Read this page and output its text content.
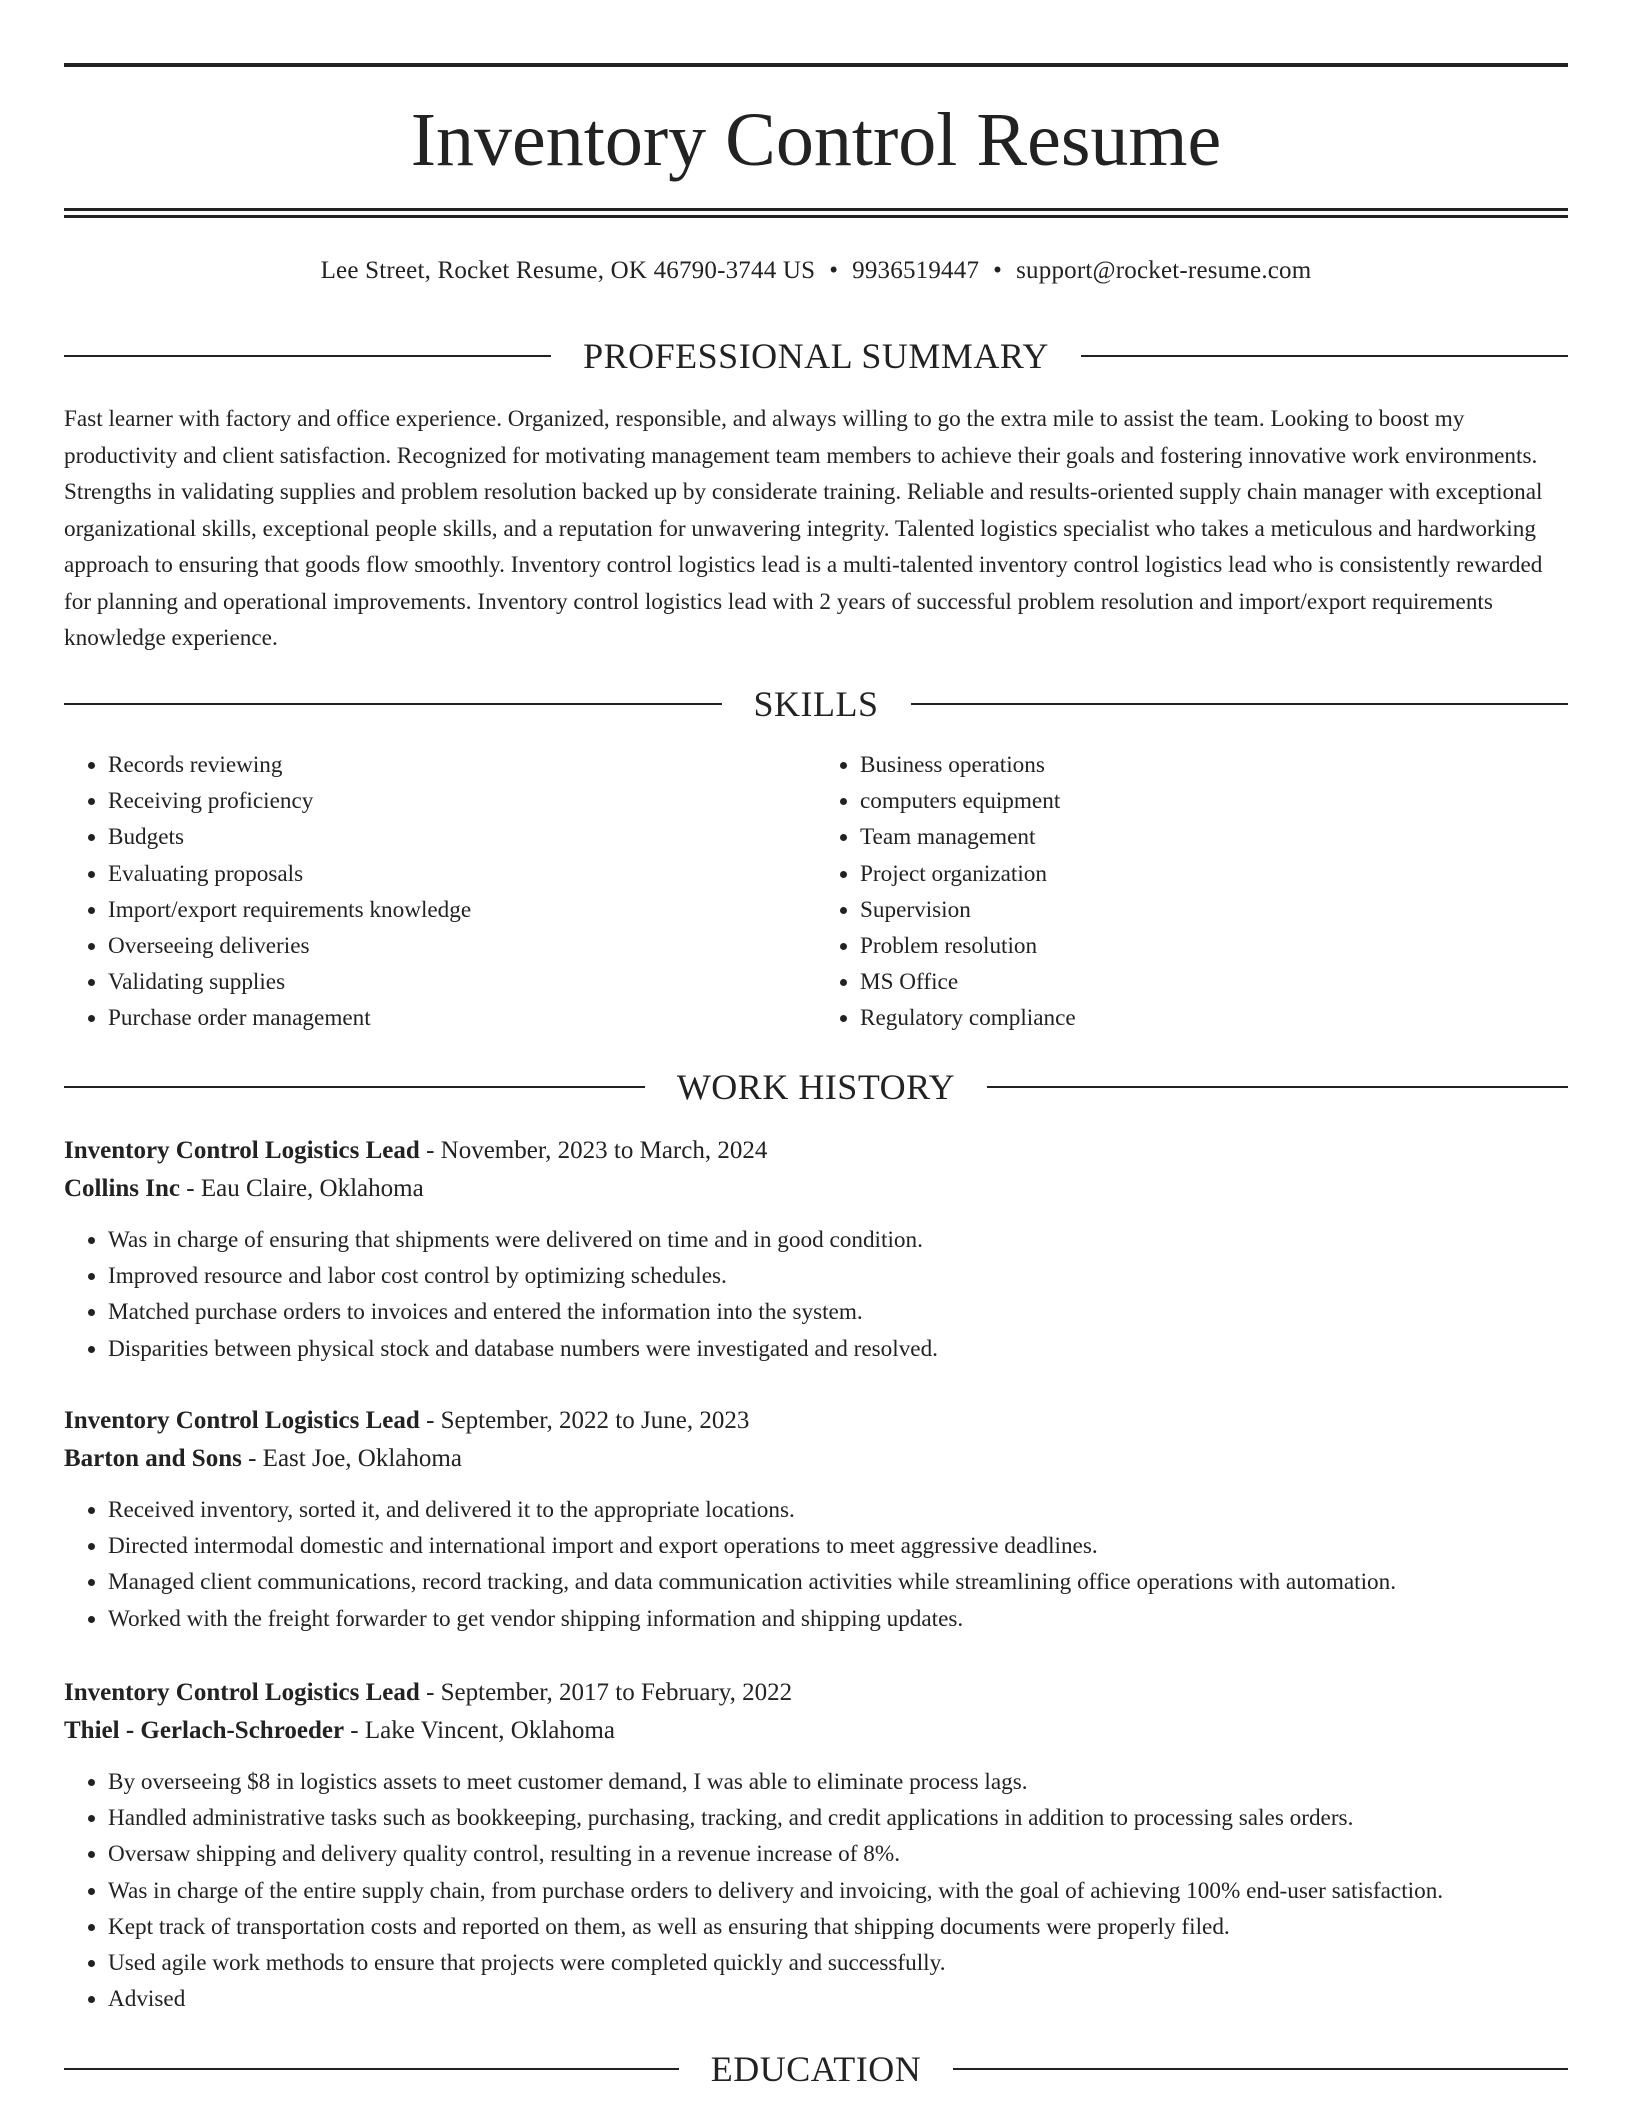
Inventory Control Resume
Lee Street, Rocket Resume, OK 46790-3744 US • 9936519447 • support@rocket-resume.com
PROFESSIONAL SUMMARY

Fast learner with factory and office experience. Organized, responsible, and always willing to go the extra mile to assist the team. Looking to boost my productivity and client satisfaction. Recognized for motivating management team members to achieve their goals and fostering innovative work environments. Strengths in validating supplies and problem resolution backed up by considerate training. Reliable and results-oriented supply chain manager with exceptional organizational skills, exceptional people skills, and a reputation for unwavering integrity. Talented logistics specialist who takes a meticulous and hardworking approach to ensuring that goods flow smoothly. Inventory control logistics lead is a multi-talented inventory control logistics lead who is consistently rewarded for planning and operational improvements. Inventory control logistics lead with 2 years of successful problem resolution and import/export requirements knowledge experience.

SKILLS
• Records reviewing
• Receiving proficiency
• Budgets
• Evaluating proposals
• Import/export requirements knowledge
• Overseeing deliveries
• Validating supplies
• Purchase order management
• Business operations
• computers equipment
• Team management
• Project organization
• Supervision
• Problem resolution
• MS Office
• Regulatory compliance
WORK HISTORY
Inventory Control Logistics Lead - November, 2023 to March, 2024
Collins Inc - Eau Claire, Oklahoma
• Was in charge of ensuring that shipments were delivered on time and in good condition.
• Improved resource and labor cost control by optimizing schedules.
• Matched purchase orders to invoices and entered the information into the system.
• Disparities between physical stock and database numbers were investigated and resolved.
Inventory Control Logistics Lead - September, 2022 to June, 2023
Barton and Sons - East Joe, Oklahoma
• Received inventory, sorted it, and delivered it to the appropriate locations.
• Directed intermodal domestic and international import and export operations to meet aggressive deadlines.
• Managed client communications, record tracking, and data communication activities while streamlining office operations with automation.
• Worked with the freight forwarder to get vendor shipping information and shipping updates.
Inventory Control Logistics Lead - September, 2017 to February, 2022
Thiel - Gerlach-Schroeder - Lake Vincent, Oklahoma
• By overseeing $8 in logistics assets to meet customer demand, I was able to eliminate process lags.
• Handled administrative tasks such as bookkeeping, purchasing, tracking, and credit applications in addition to processing sales orders.
• Oversaw shipping and delivery quality control, resulting in a revenue increase of 8%.
• Was in charge of the entire supply chain, from purchase orders to delivery and invoicing, with the goal of achieving 100% end-user satisfaction.
• Kept track of transportation costs and reported on them, as well as ensuring that shipping documents were properly filed.
• Used agile work methods to ensure that projects were completed quickly and successfully.
• Advised
EDUCATION
